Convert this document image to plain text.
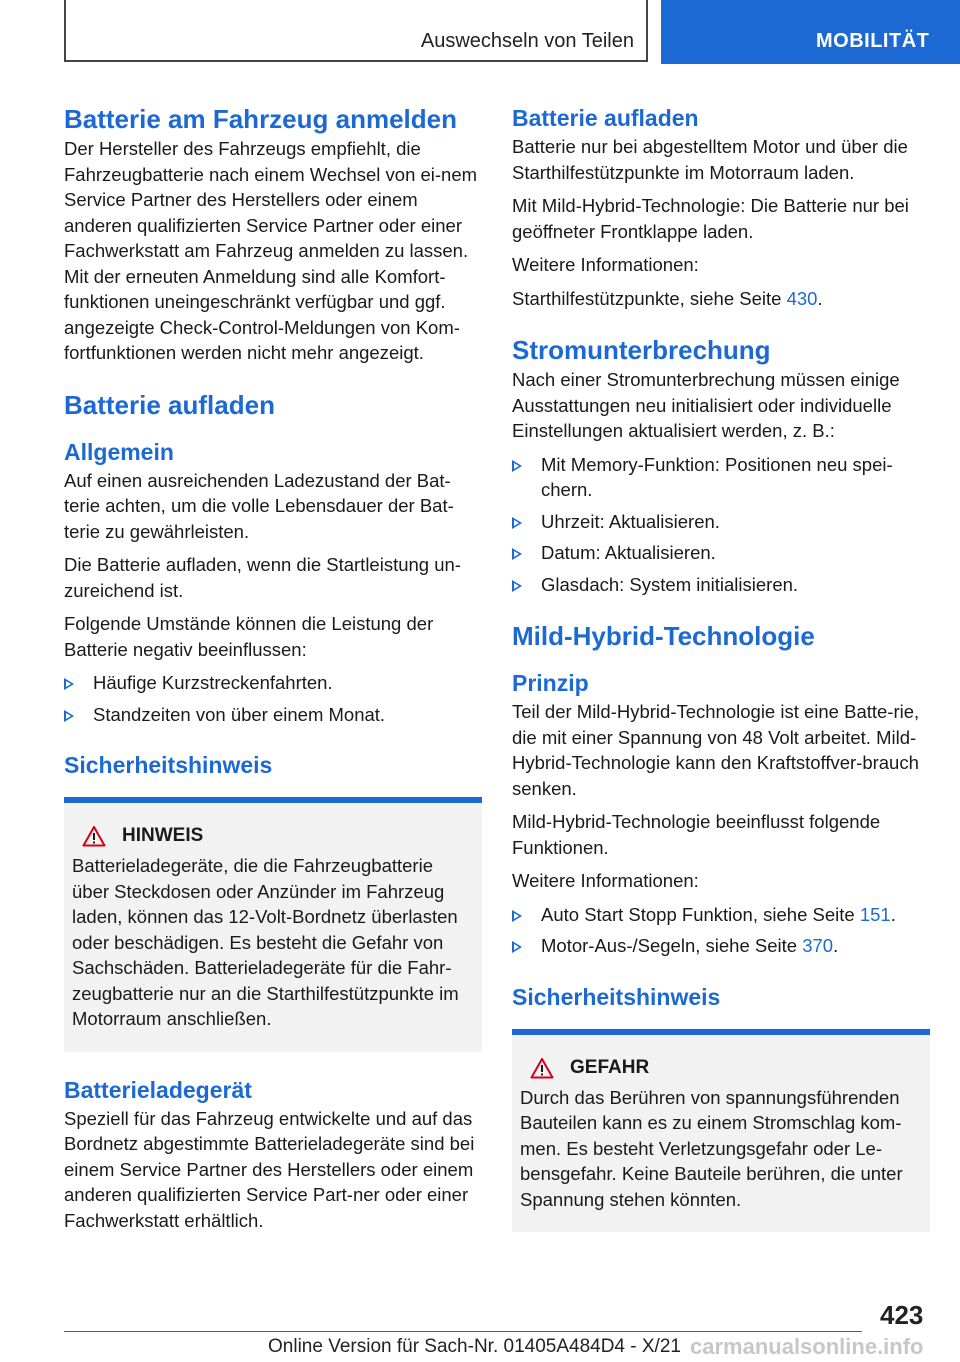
Auswechseln von Teilen	MOBILITÄT
Batterie am Fahrzeug anmelden

Der Hersteller des Fahrzeugs empfiehlt, die Fahrzeugbatterie nach einem Wechsel von ei-nem Service Partner des Herstellers oder einem anderen qualifizierten Service Partner oder einer Fachwerkstatt am Fahrzeug anmelden zu lassen. Mit der erneuten Anmeldung sind alle Komfort-funktionen uneingeschränkt verfügbar und ggf. angezeigte Check-Control-Meldungen von Kom-fortfunktionen werden nicht mehr angezeigt.

Batterie aufladen
Allgemein

Auf einen ausreichenden Ladezustand der Bat-terie achten, um die volle Lebensdauer der Bat-terie zu gewährleisten.

Die Batterie aufladen, wenn die Startleistung un-zureichend ist.

Folgende Umstände können die Leistung der Batterie negativ beeinflussen:

Häufige Kurzstreckenfahrten.
Standzeiten von über einem Monat.
Sicherheitshinweis
HINWEIS

Batterieladegeräte, die die Fahrzeugbatterie über Steckdosen oder Anzünder im Fahrzeug laden, können das 12-Volt-Bordnetz überlasten oder beschädigen. Es besteht die Gefahr von Sachschäden. Batterieladegeräte für die Fahr-zeugbatterie nur an die Starthilfestützpunkte im Motorraum anschließen.

Batterieladegerät

Speziell für das Fahrzeug entwickelte und auf das Bordnetz abgestimmte Batterieladegeräte sind bei einem Service Partner des Herstellers oder einem anderen qualifizierten Service Part-ner oder einer Fachwerkstatt erhältlich.

Batterie aufladen

Batterie nur bei abgestelltem Motor und über die Starthilfestützpunkte im Motorraum laden.

Mit Mild-Hybrid-Technologie: Die Batterie nur bei geöffneter Frontklappe laden.

Weitere Informationen:

Starthilfestützpunkte, siehe Seite 430.

Stromunterbrechung

Nach einer Stromunterbrechung müssen einige Ausstattungen neu initialisiert oder individuelle Einstellungen aktualisiert werden, z. B.:

Mit Memory-Funktion: Positionen neu spei-chern.
Uhrzeit: Aktualisieren.
Datum: Aktualisieren.
Glasdach: System initialisieren.
Mild-Hybrid-Technologie
Prinzip

Teil der Mild-Hybrid-Technologie ist eine Batte-rie, die mit einer Spannung von 48 Volt arbeitet. Mild-Hybrid-Technologie kann den Kraftstoffver-brauch senken.

Mild-Hybrid-Technologie beeinflusst folgende Funktionen.

Weitere Informationen:

Auto Start Stopp Funktion, siehe Seite 151.
Motor-Aus-/Segeln, siehe Seite 370.
Sicherheitshinweis
GEFAHR

Durch das Berühren von spannungsführenden Bauteilen kann es zu einem Stromschlag kom-men. Es besteht Verletzungsgefahr oder Le-bensgefahr. Keine Bauteile berühren, die unter Spannung stehen könnten.

423
Online Version für Sach-Nr. 01405A484D4 - X/21 carmanualsonline.info
